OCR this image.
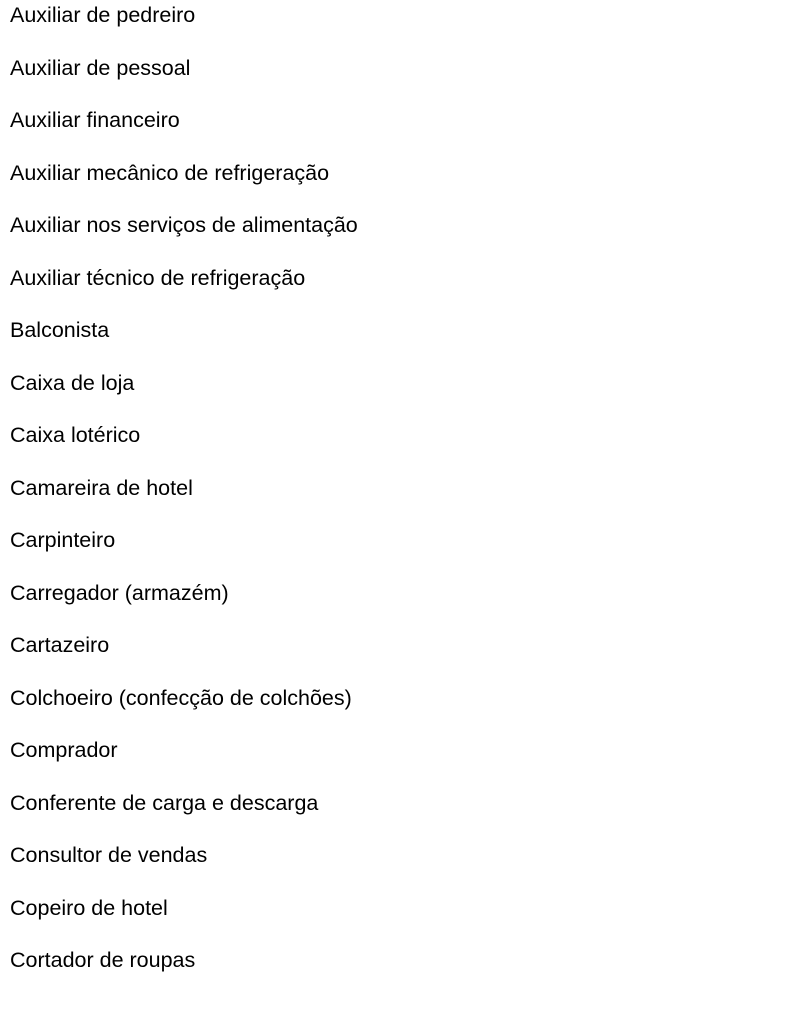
Auxiliar de pedreiro
Auxiliar de pessoal
Auxiliar financeiro
Auxiliar mecânico de refrigeração
Auxiliar nos serviços de alimentação
Auxiliar técnico de refrigeração
Balconista
Caixa de loja
Caixa lotérico
Camareira de hotel
Carpinteiro
Carregador (armazém)
Cartazeiro
Colchoeiro (confecção de colchões)
Comprador
Conferente de carga e descarga
Consultor de vendas
Copeiro de hotel
Cortador de roupas
